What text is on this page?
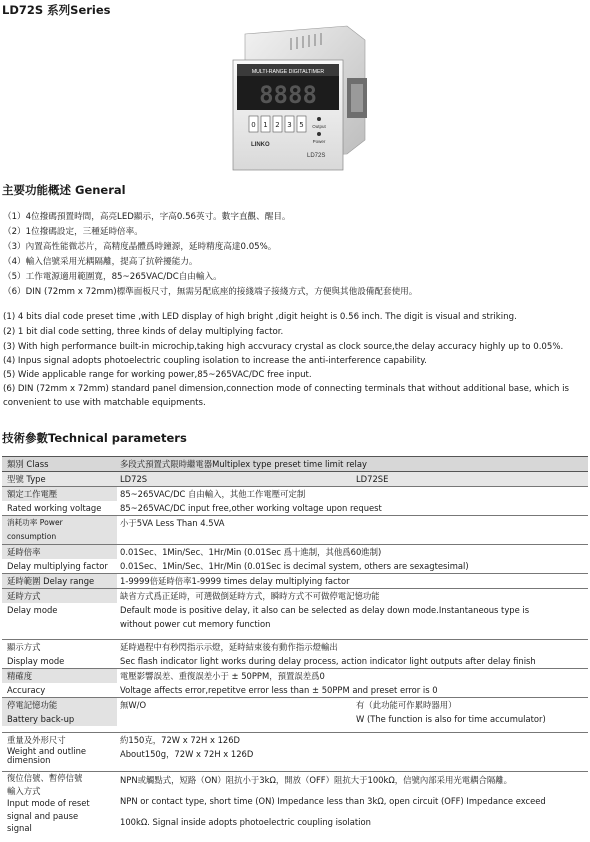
LD72S 系列Series
MULTI-RANGE DIGITALTIMER
8888
0 1 2 3 5 Output
Power
LINKO
LD72S
主要功能概述 General
（1）4位撥碼預置時間，高亮LED顯示，字高0.56英寸。數字直觀、醒目。
（2）1位撥碼設定，三種延時倍率。
（3）內置高性能微芯片，高精度晶體爲時鐘源，延時精度高達0.05%。
（4）輸入信號采用光耦隔離，提高了抗幹擾能力。
（5）工作電源適用範圍寬，85~265VAC/DC自由輸入。
（6）DIN (72mm x 72mm)標準面板尺寸，無需另配底座的接綫端子接綫方式，方便與其他設備配套使用。
(1) 4 bits dial code preset time ,with LED display of high bright ,digit height is 0.56 inch. The digit is visual and striking.
(2) 1 bit dial code setting, three kinds of delay multiplying factor.
(3) With high performance built-in microchip,taking high accvuracy crystal as clock source,the delay accuracy highly up to 0.05%.
(4) Inpus signal adopts photoelectric coupling isolation to increase the anti-interference capability.
(5) Wide applicable range for working power,85~265VAC/DC free input.
(6) DIN (72mm x 72mm) standard panel dimension,connection mode of connecting terminals that without additional base, which is
convenient to use with matchable equipments.
技術參數Technical parameters
類別 Class	多段式預置式限時繼電器Multiplex type preset time limit relay	
型號 Type	LD72S	LD72SE
額定工作電壓	85~265VAC/DC 自由輸入，其他工作電壓可定制	
Rated working voltage	85~265VAC/DC input free,other working voltage upon request	
消耗功率 Power consumption	小于5VA Less Than 4.5VA	
延時倍率	0.01Sec、1Min/Sec、1Hr/Min (0.01Sec 爲十進制，其他爲60進制)	
Delay multiplying factor	0.01Sec、1Min/Sec、1Hr/Min (0.01Sec is decimal system, others are sexagtesimal)	
延時範圍 Delay range	1-9999倍延時倍率1-9999 times delay multiplying factor	
延時方式	缺省方式爲正延時，可選做倒延時方式，瞬時方式不可做停電記憶功能	
Delay mode	Default mode is positive delay, it also can be selected as delay down mode.Instantaneous type is	
	without power cut memory function	

顯示方式	延時過程中有秒閃指示示燈，延時結束後有動作指示燈輸出	
Display mode	Sec flash indicator light works during delay process, action indicator light outputs after delay finish	
精確度	電壓影響誤差、重復誤差小于 ± 50PPM，預置誤差爲0	
Accuracy	Voltage affects error,repetitve error less than ± 50PPM and preset error is 0	
停電記憶功能	無W/O	有（此功能可作累時器用）
Battery back-up		W (The function is also for time accumulator)

重量及外形尺寸	約150克，72W x 72H x 126D	
Weight and outline
dimension	About150g，72W x 72H x 126D	

復位信號、暫停信號
輸入方式
Input mode of reset
signal and pause
signal	NPN或觸點式，短路（ON）阻抗小于3kΩ，開放（OFF）阻抗大于100kΩ，信號內部采用光電耦合隔離。	
	NPN or contact type, short time (ON) Impedance less than 3kΩ, open circuit (OFF) Impedance exceed	
	100kΩ. Signal inside adopts photoelectric coupling isolation	
